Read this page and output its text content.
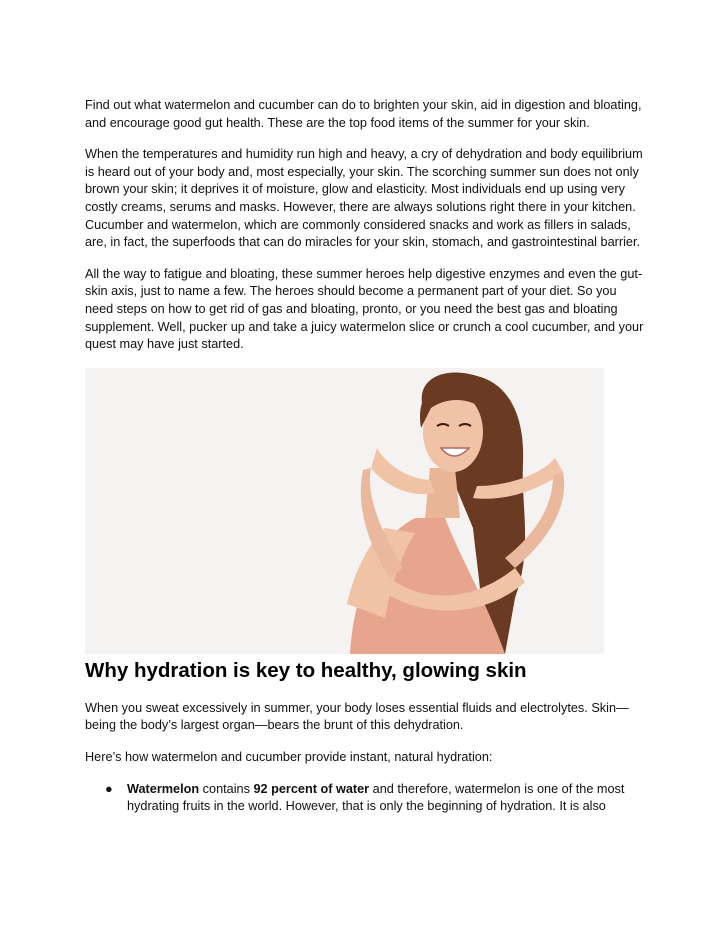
Find out what watermelon and cucumber can do to brighten your skin, aid in digestion and bloating, and encourage good gut health. These are the top food items of the summer for your skin.

When the temperatures and humidity run high and heavy, a cry of dehydration and body equilibrium is heard out of your body and, most especially, your skin. The scorching summer sun does not only brown your skin; it deprives it of moisture, glow and elasticity. Most individuals end up using very costly creams, serums and masks. However, there are always solutions right there in your kitchen. Cucumber and watermelon, which are commonly considered snacks and work as fillers in salads, are, in fact, the superfoods that can do miracles for your skin, stomach, and gastrointestinal barrier.

All the way to fatigue and bloating, these summer heroes help digestive enzymes and even the gut-skin axis, just to name a few. The heroes should become a permanent part of your diet. So you need steps on how to get rid of gas and bloating, pronto, or you need the best gas and bloating supplement. Well, pucker up and take a juicy watermelon slice or crunch a cool cucumber, and your quest may have just started.

Why hydration is key to healthy, glowing skin

When you sweat excessively in summer, your body loses essential fluids and electrolytes. Skin—being the body’s largest organ—bears the brunt of this dehydration.

Here’s how watermelon and cucumber provide instant, natural hydration:

● Watermelon contains 92 percent of water and therefore, watermelon is one of the most hydrating fruits in the world. However, that is only the beginning of hydration. It is also
